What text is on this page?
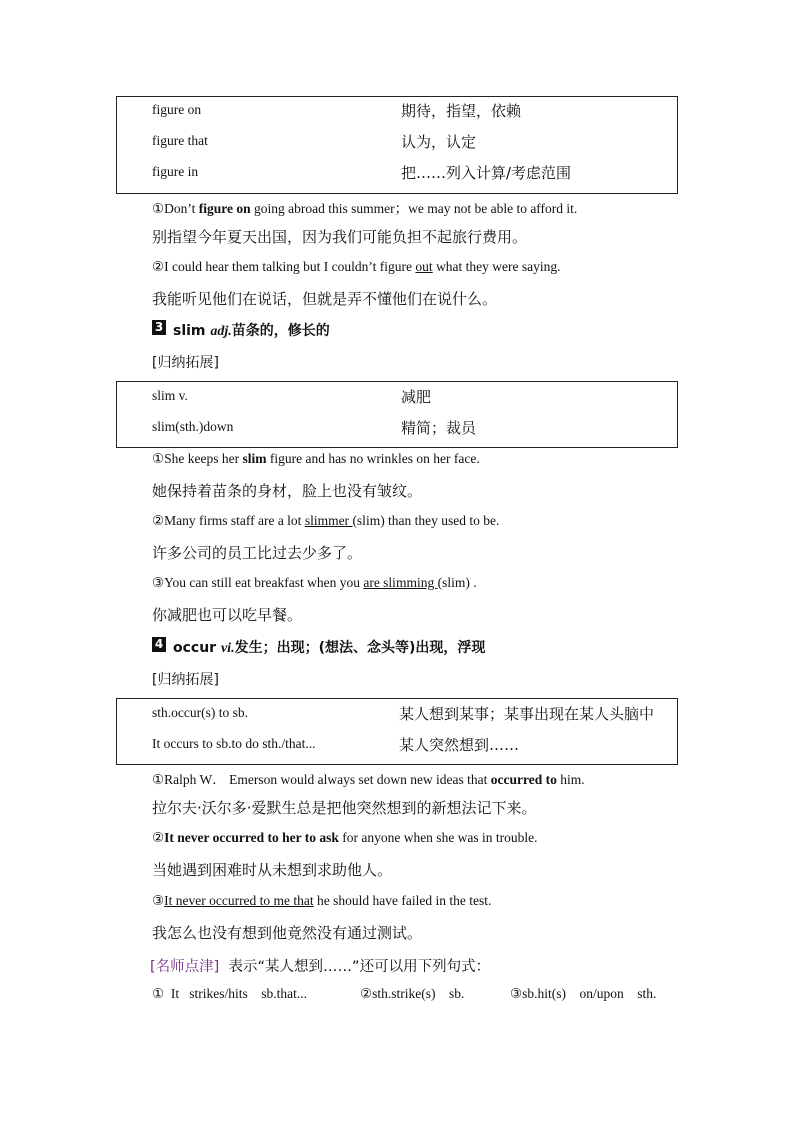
figure on	期待，指望，依赖
figure that	认为，认定
figure in	把……列入计算/考虑范围
①Don’t figure on going abroad this summer；we may not be able to afford it.
别指望今年夏天出国，因为我们可能负担不起旅行费用。
②I could hear them talking but I couldn’t figure out what they were saying.
我能听见他们在说话，但就是弄不懂他们在说什么。
3 slim adj.苗条的，修长的
[归纳拓展]
slim v.	减肥
slim(sth.)down	精简；裁员
①She keeps her slim figure and has no wrinkles on her face.
她保持着苗条的身材，脸上也没有皱纹。
②Many firms staff are a lot slimmer (slim) than they used to be.
许多公司的员工比过去少多了。
③You can still eat breakfast when you are slimming (slim) .
你减肥也可以吃早餐。
4 occur vi.发生；出现；(想法、念头等)出现，浮现
[归纳拓展]
sth.occur(s) to sb.	某人想到某事；某事出现在某人头脑中
It occurs to sb.to do sth./that...	某人突然想到……
①Ralph W． Emerson would always set down new ideas that occurred to him.
拉尔夫·沃尔多·爱默生总是把他突然想到的新想法记下来。
②It never occurred to her to ask for anyone when she was in trouble.
当她遇到困难时从未想到求助他人。
③It never occurred to me that he should have failed in the test.
我怎么也没有想到他竟然没有通过测试。
[名师点津]  表示“某人想到……”还可以用下列句式：
①  It   strikes/hits    sb.that...	②sth.strike(s)    sb.	③sb.hit(s)    on/upon    sth.
